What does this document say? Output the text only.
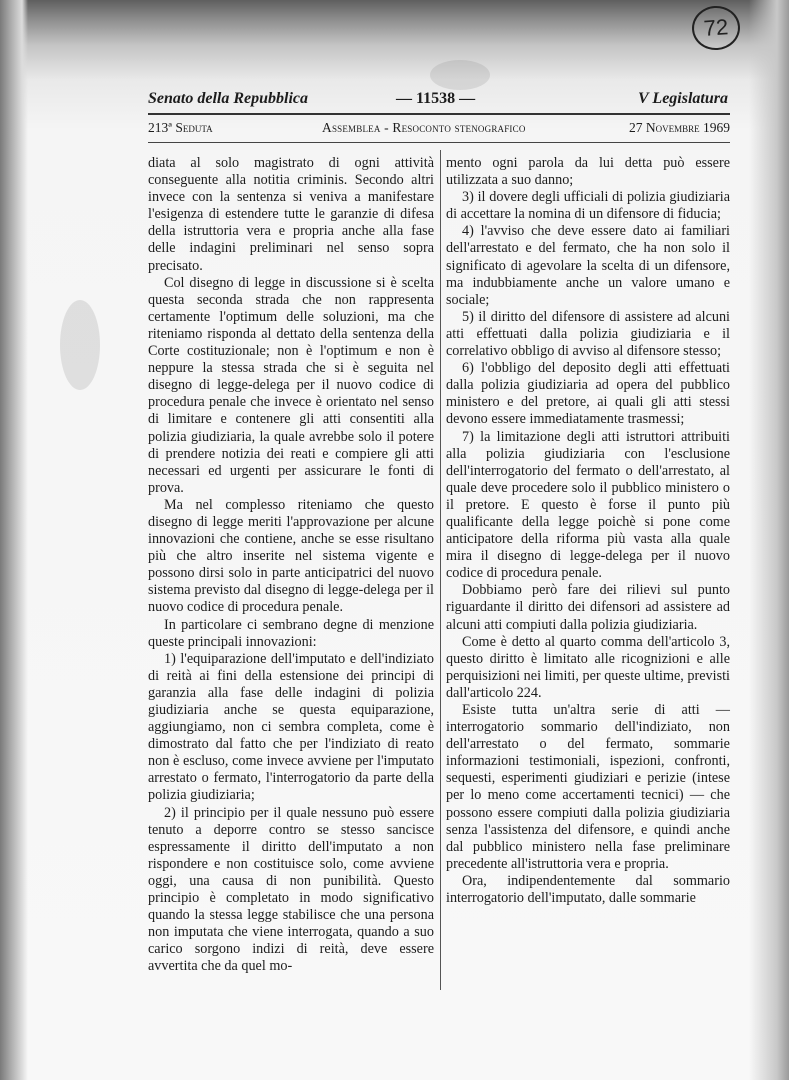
72
Senato della Repubblica	— 11538 —	V Legislatura
213ª Seduta	Assemblea - Resoconto stenografico	27 Novembre 1969

diata al solo magistrato di ogni attività conseguente alla notitia criminis. Secondo altri invece con la sentenza si veniva a manifestare l'esigenza di estendere tutte le garanzie di difesa della istruttoria vera e propria anche alla fase delle indagini preliminari nel senso sopra precisato.

Col disegno di legge in discussione si è scelta questa seconda strada che non rappresenta certamente l'optimum delle soluzioni, ma che riteniamo risponda al dettato della sentenza della Corte costituzionale; non è l'optimum e non è neppure la stessa strada che si è seguita nel disegno di legge-delega per il nuovo codice di procedura penale che invece è orientato nel senso di limitare e contenere gli atti consentiti alla polizia giudiziaria, la quale avrebbe solo il potere di prendere notizia dei reati e compiere gli atti necessari ed urgenti per assicurare le fonti di prova.

Ma nel complesso riteniamo che questo disegno di legge meriti l'approvazione per alcune innovazioni che contiene, anche se esse risultano più che altro inserite nel sistema vigente e possono dirsi solo in parte anticipatrici del nuovo sistema previsto dal disegno di legge-delega per il nuovo codice di procedura penale.

In particolare ci sembrano degne di menzione queste principali innovazioni:

1) l'equiparazione dell'imputato e dell'indiziato di reità ai fini della estensione dei principi di garanzia alla fase delle indagini di polizia giudiziaria anche se questa equiparazione, aggiungiamo, non ci sembra completa, come è dimostrato dal fatto che per l'indiziato di reato non è escluso, come invece avviene per l'imputato arrestato o fermato, l'interrogatorio da parte della polizia giudiziaria;

2) il principio per il quale nessuno può essere tenuto a deporre contro se stesso sancisce espressamente il diritto dell'imputato a non rispondere e non costituisce solo, come avviene oggi, una causa di non punibilità. Questo principio è completato in modo significativo quando la stessa legge stabilisce che una persona non imputata che viene interrogata, quando a suo carico sorgono indizi di reità, deve essere avvertita che da quel mo-

mento ogni parola da lui detta può essere utilizzata a suo danno;

3) il dovere degli ufficiali di polizia giudiziaria di accettare la nomina di un difensore di fiducia;

4) l'avviso che deve essere dato ai familiari dell'arrestato e del fermato, che ha non solo il significato di agevolare la scelta di un difensore, ma indubbiamente anche un valore umano e sociale;

5) il diritto del difensore di assistere ad alcuni atti effettuati dalla polizia giudiziaria e il correlativo obbligo di avviso al difensore stesso;

6) l'obbligo del deposito degli atti effettuati dalla polizia giudiziaria ad opera del pubblico ministero e del pretore, ai quali gli atti stessi devono essere immediatamente trasmessi;

7) la limitazione degli atti istruttori attribuiti alla polizia giudiziaria con l'esclusione dell'interrogatorio del fermato o dell'arrestato, al quale deve procedere solo il pubblico ministero o il pretore. E questo è forse il punto più qualificante della legge poichè si pone come anticipatore della riforma più vasta alla quale mira il disegno di legge-delega per il nuovo codice di procedura penale.

Dobbiamo però fare dei rilievi sul punto riguardante il diritto dei difensori ad assistere ad alcuni atti compiuti dalla polizia giudiziaria.

Come è detto al quarto comma dell'articolo 3, questo diritto è limitato alle ricognizioni e alle perquisizioni nei limiti, per queste ultime, previsti dall'articolo 224.

Esiste tutta un'altra serie di atti — interrogatorio sommario dell'indiziato, non dell'arrestato o del fermato, sommarie informazioni testimoniali, ispezioni, confronti, sequesti, esperimenti giudiziari e perizie (intese per lo meno come accertamenti tecnici) — che possono essere compiuti dalla polizia giudiziaria senza l'assistenza del difensore, e quindi anche dal pubblico ministero nella fase preliminare precedente all'istruttoria vera e propria.

Ora, indipendentemente dal sommario interrogatorio dell'imputato, dalle sommarie
